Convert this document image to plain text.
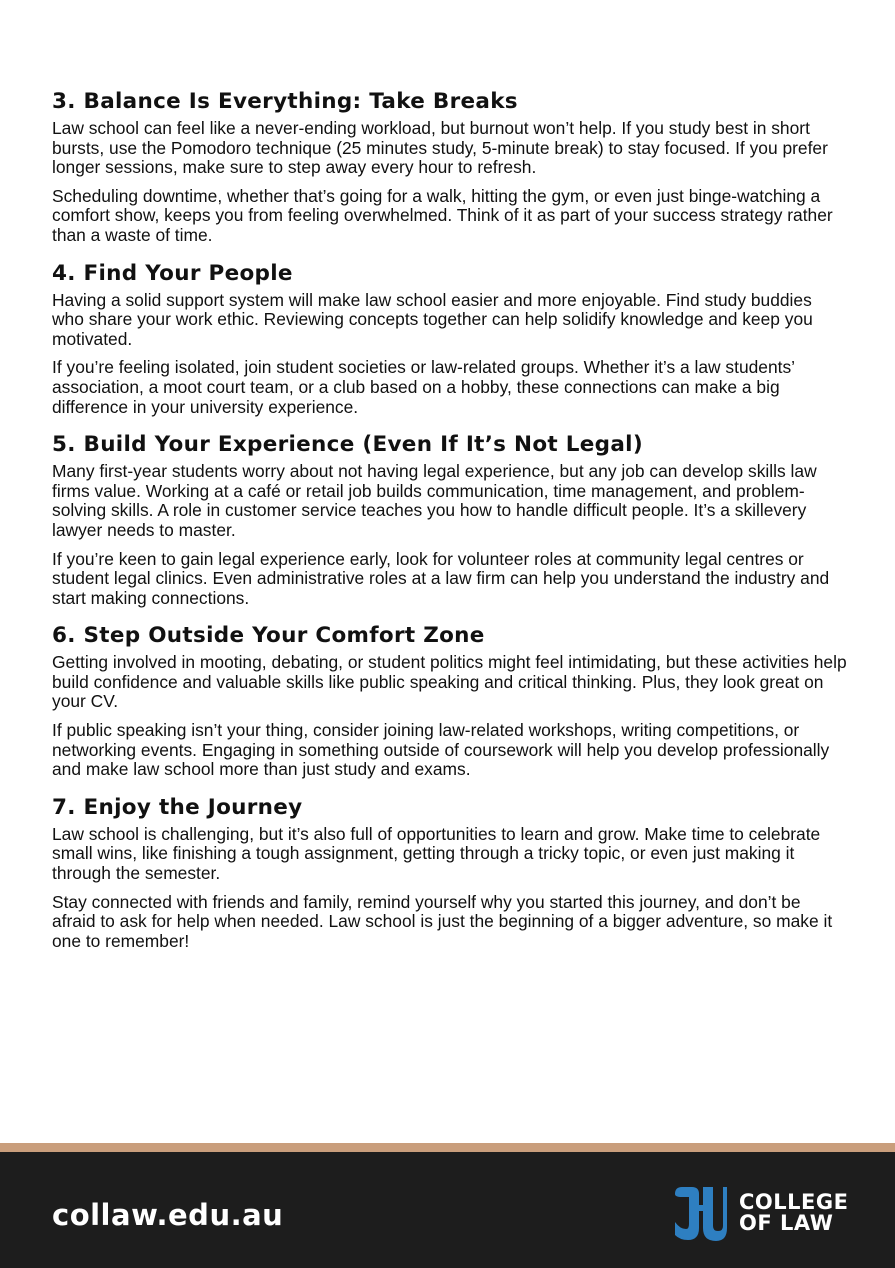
3. Balance Is Everything: Take Breaks

Law school can feel like a never-ending workload, but burnout won’t help. If you study best in short bursts, use the Pomodoro technique (25 minutes study, 5-minute break) to stay focused. If you prefer longer sessions, make sure to step away every hour to refresh.

Scheduling downtime, whether that’s going for a walk, hitting the gym, or even just binge-watching a comfort show, keeps you from feeling overwhelmed. Think of it as part of your success strategy rather than a waste of time.

4. Find Your People

Having a solid support system will make law school easier and more enjoyable. Find study buddies who share your work ethic. Reviewing concepts together can help solidify knowledge and keep you motivated.

If you’re feeling isolated, join student societies or law-related groups. Whether it’s a law students’ association, a moot court team, or a club based on a hobby, these connections can make a big difference in your university experience.

5. Build Your Experience (Even If It’s Not Legal)

Many first-year students worry about not having legal experience, but any job can develop skills law firms value. Working at a café or retail job builds communication, time management, and problem-solving skills. A role in customer service teaches you how to handle difficult people. It’s a skillevery lawyer needs to master.

If you’re keen to gain legal experience early, look for volunteer roles at community legal centres or student legal clinics. Even administrative roles at a law firm can help you understand the industry and start making connections.

6. Step Outside Your Comfort Zone

Getting involved in mooting, debating, or student politics might feel intimidating, but these activities help build confidence and valuable skills like public speaking and critical thinking. Plus, they look great on your CV.

If public speaking isn’t your thing, consider joining law-related workshops, writing competitions, or networking events. Engaging in something outside of coursework will help you develop professionally and make law school more than just study and exams.

7. Enjoy the Journey

Law school is challenging, but it’s also full of opportunities to learn and grow. Make time to celebrate small wins, like finishing a tough assignment, getting through a tricky topic, or even just making it through the semester.

Stay connected with friends and family, remind yourself why you started this journey, and don’t be afraid to ask for help when needed. Law school is just the beginning of a bigger adventure, so make it one to remember!

collaw.edu.au	COLLEGE
OF LAW
